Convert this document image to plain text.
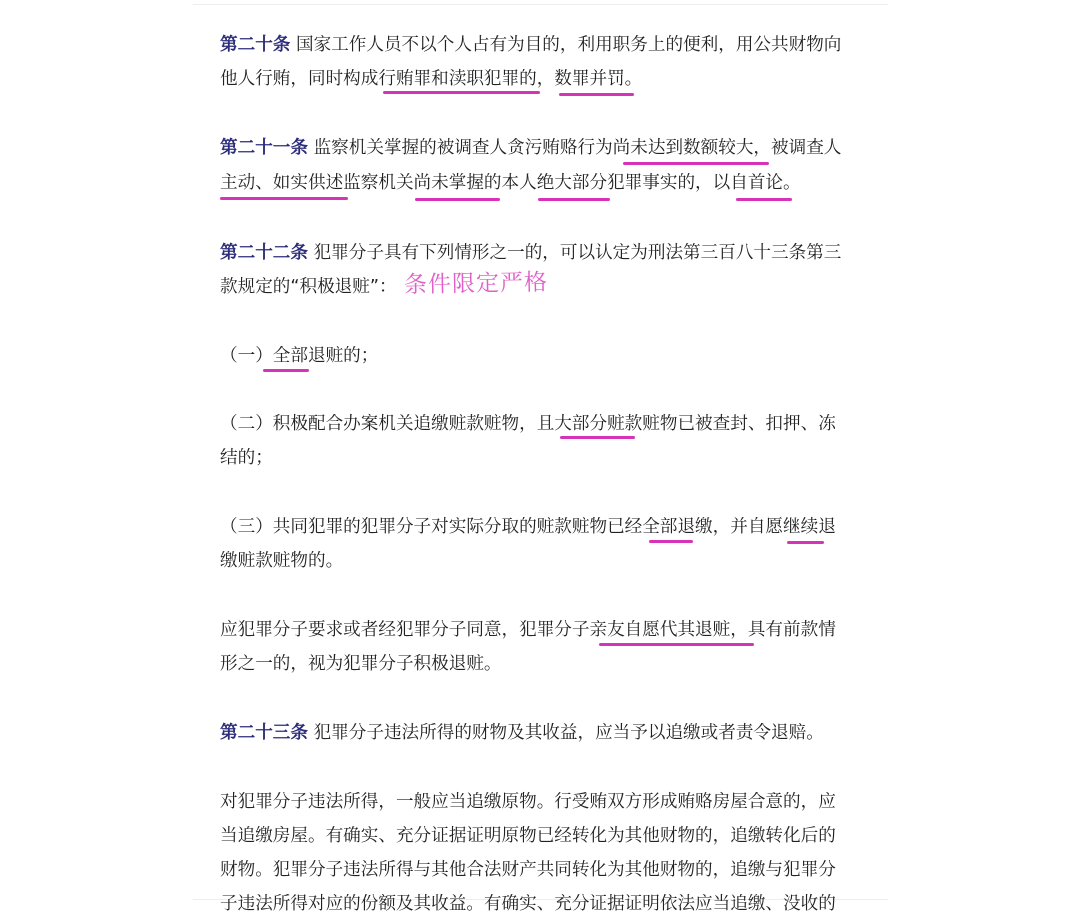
第二十条 国家工作人员不以个人占有为目的，利用职务上的便利，用公共财物向
他人行贿，同时构成行贿罪和渎职犯罪的，数罪并罚。
第二十一条 监察机关掌握的被调查人贪污贿赂行为尚未达到数额较大，被调查人
主动、如实供述监察机关尚未掌握的本人绝大部分犯罪事实的，以自首论。
第二十二条 犯罪分子具有下列情形之一的，可以认定为刑法第三百八十三条第三
款规定的“积极退赃”： 条件限定严格
（一）全部退赃的；
（二）积极配合办案机关追缴赃款赃物，且大部分赃款赃物已被查封、扣押、冻
结的；
（三）共同犯罪的犯罪分子对实际分取的赃款赃物已经全部退缴，并自愿继续退
缴赃款赃物的。
应犯罪分子要求或者经犯罪分子同意，犯罪分子亲友自愿代其退赃，具有前款情
形之一的，视为犯罪分子积极退赃。
第二十三条 犯罪分子违法所得的财物及其收益，应当予以追缴或者责令退赔。
对犯罪分子违法所得，一般应当追缴原物。行受贿双方形成贿赂房屋合意的，应
当追缴房屋。有确实、充分证据证明原物已经转化为其他财物的，追缴转化后的
财物。犯罪分子违法所得与其他合法财产共同转化为其他财物的，追缴与犯罪分
子违法所得对应的份额及其收益。有确实、充分证据证明依法应当追缴、没收的
